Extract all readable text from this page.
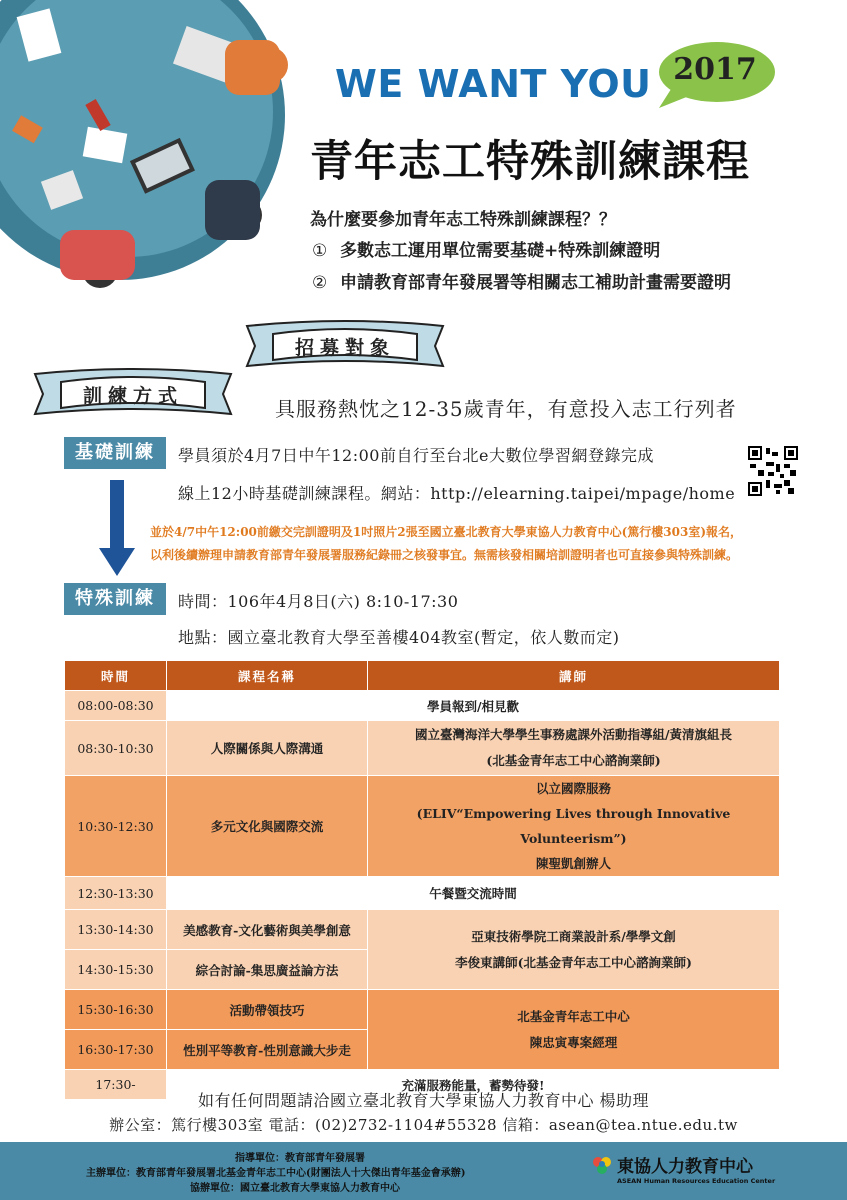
WE WANT YOU 2017
青年志工特殊訓練課程
為什麼要參加青年志工特殊訓練課程？？
① 多數志工運用單位需要基礎+特殊訓練證明
② 申請教育部青年發展署等相關志工補助計畫需要證明
招募對象
訓練方式
具服務熱忱之12-35歲青年，有意投入志工行列者
基礎訓練	學員須於4月7日中午12:00前自行至台北e大數位學習網登錄完成
線上12小時基礎訓練課程。網站：http://elearning.taipei/mpage/home
並於4/7中午12:00前繳交完訓證明及1吋照片2張至國立臺北教育大學東協人力教育中心(篤行樓303室)報名，
以利後續辦理申請教育部青年發展署服務紀錄冊之核發事宜。無需核發相關培訓證明者也可直接參與特殊訓練。
特殊訓練	時間：106年4月8日(六) 8:10-17:30
地點：國立臺北教育大學至善樓404教室(暫定，依人數而定)
時間	課程名稱	講師
08:00-08:30	學員報到/相見歡	
08:30-10:30	人際關係與人際溝通	國立臺灣海洋大學學生事務處課外活動指導組/黃清旗組長
(北基金青年志工中心諮詢業師)

10:30-12:30	多元文化與國際交流	以立國際服務
(ELIV“Empowering Lives through Innovative Volunteerism”)
陳聖凱創辦人

12:30-13:30	午餐暨交流時間	
13:30-14:30	美感教育-文化藝術與美學創意	亞東技術學院工商業設計系/學學文創
李俊東講師(北基金青年志工中心諮詢業師)

14:30-15:30	綜合討論-集思廣益論方法	
15:30-16:30	活動帶領技巧	北基金青年志工中心
陳忠寅專案經理

16:30-17:30	性別平等教育-性別意識大步走	
17:30-	充滿服務能量，蓄勢待發!	
如有任何問題請洽國立臺北教育大學東協人力教育中心 楊助理
辦公室：篤行樓303室 電話：(02)2732-1104#55328 信箱：asean@tea.ntue.edu.tw
指導單位：教育部青年發展署
主辦單位：教育部青年發展署北基金青年志工中心(財團法人十大傑出青年基金會承辦)
協辦單位：國立臺北教育大學東協人力教育中心
東協人力教育中心
ASEAN Human Resources Education Center
